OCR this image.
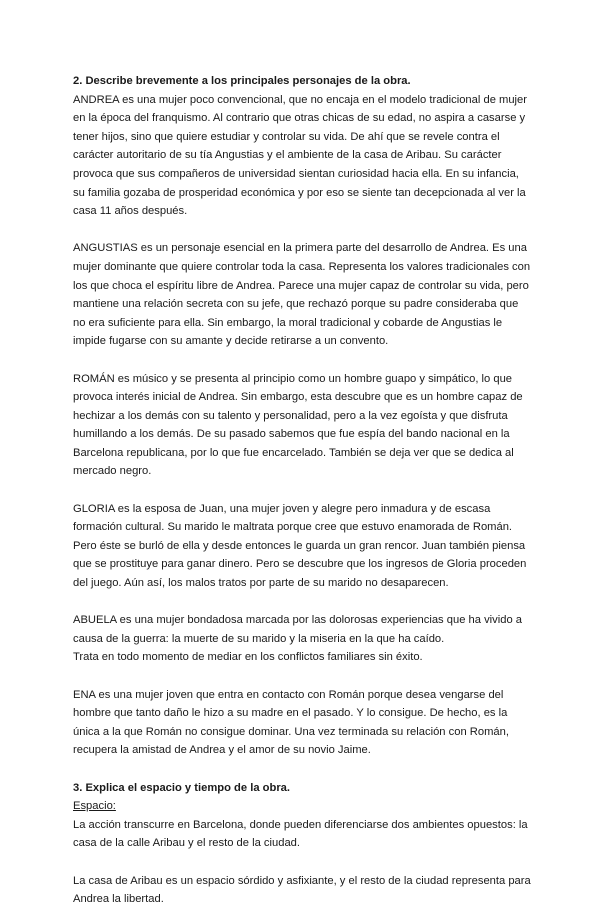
2. Describe brevemente a los principales personajes de la obra.

ANDREA es una mujer poco convencional, que no encaja en el modelo tradicional de mujer en la época del franquismo. Al contrario que otras chicas de su edad, no aspira a casarse y tener hijos, sino que quiere estudiar y controlar su vida. De ahí que se revele contra el carácter autoritario de su tía Angustias y el ambiente de la casa de Aribau. Su carácter provoca que sus compañeros de universidad sientan curiosidad hacia ella. En su infancia, su familia gozaba de prosperidad económica y por eso se siente tan decepcionada al ver la casa 11 años después.

ANGUSTIAS es un personaje esencial en la primera parte del desarrollo de Andrea. Es una mujer dominante que quiere controlar toda la casa. Representa los valores tradicionales con los que choca el espíritu libre de Andrea. Parece una mujer capaz de controlar su vida, pero mantiene una relación secreta con su jefe, que rechazó porque su padre consideraba que no era suficiente para ella. Sin embargo, la moral tradicional y cobarde de Angustias le impide fugarse con su amante y decide retirarse a un convento.

ROMÁN es músico y se presenta al principio como un hombre guapo y simpático, lo que provoca interés inicial de Andrea. Sin embargo, esta descubre que es un hombre capaz de hechizar a los demás con su talento y personalidad, pero a la vez egoísta y que disfruta humillando a los demás. De su pasado sabemos que fue espía del bando nacional en la Barcelona republicana, por lo que fue encarcelado. También se deja ver que se dedica al mercado negro.

GLORIA es la esposa de Juan, una mujer joven y alegre pero inmadura y de escasa formación cultural. Su marido le maltrata porque cree que estuvo enamorada de Román. Pero éste se burló de ella y desde entonces le guarda un gran rencor. Juan también piensa que se prostituye para ganar dinero. Pero se descubre que los ingresos de Gloria proceden del juego. Aún así, los malos tratos por parte de su marido no desaparecen.

ABUELA es una mujer bondadosa marcada por las dolorosas experiencias que ha vivido a causa de la guerra: la muerte de su marido y la miseria en la que ha caído.

Trata en todo momento de mediar en los conflictos familiares sin éxito.

ENA es una mujer joven que entra en contacto con Román porque desea vengarse del hombre que tanto daño le hizo a su madre en el pasado. Y lo consigue. De hecho, es la única a la que Román no consigue dominar. Una vez terminada su relación con Román, recupera la amistad de Andrea y el amor de su novio Jaime.

3. Explica el espacio y tiempo de la obra.

Espacio:

La acción transcurre en Barcelona, donde pueden diferenciarse dos ambientes opuestos: la casa de la calle Aribau y el resto de la ciudad.

La casa de Aribau es un espacio sórdido y asfixiante, y el resto de la ciudad representa para Andrea la libertad.
